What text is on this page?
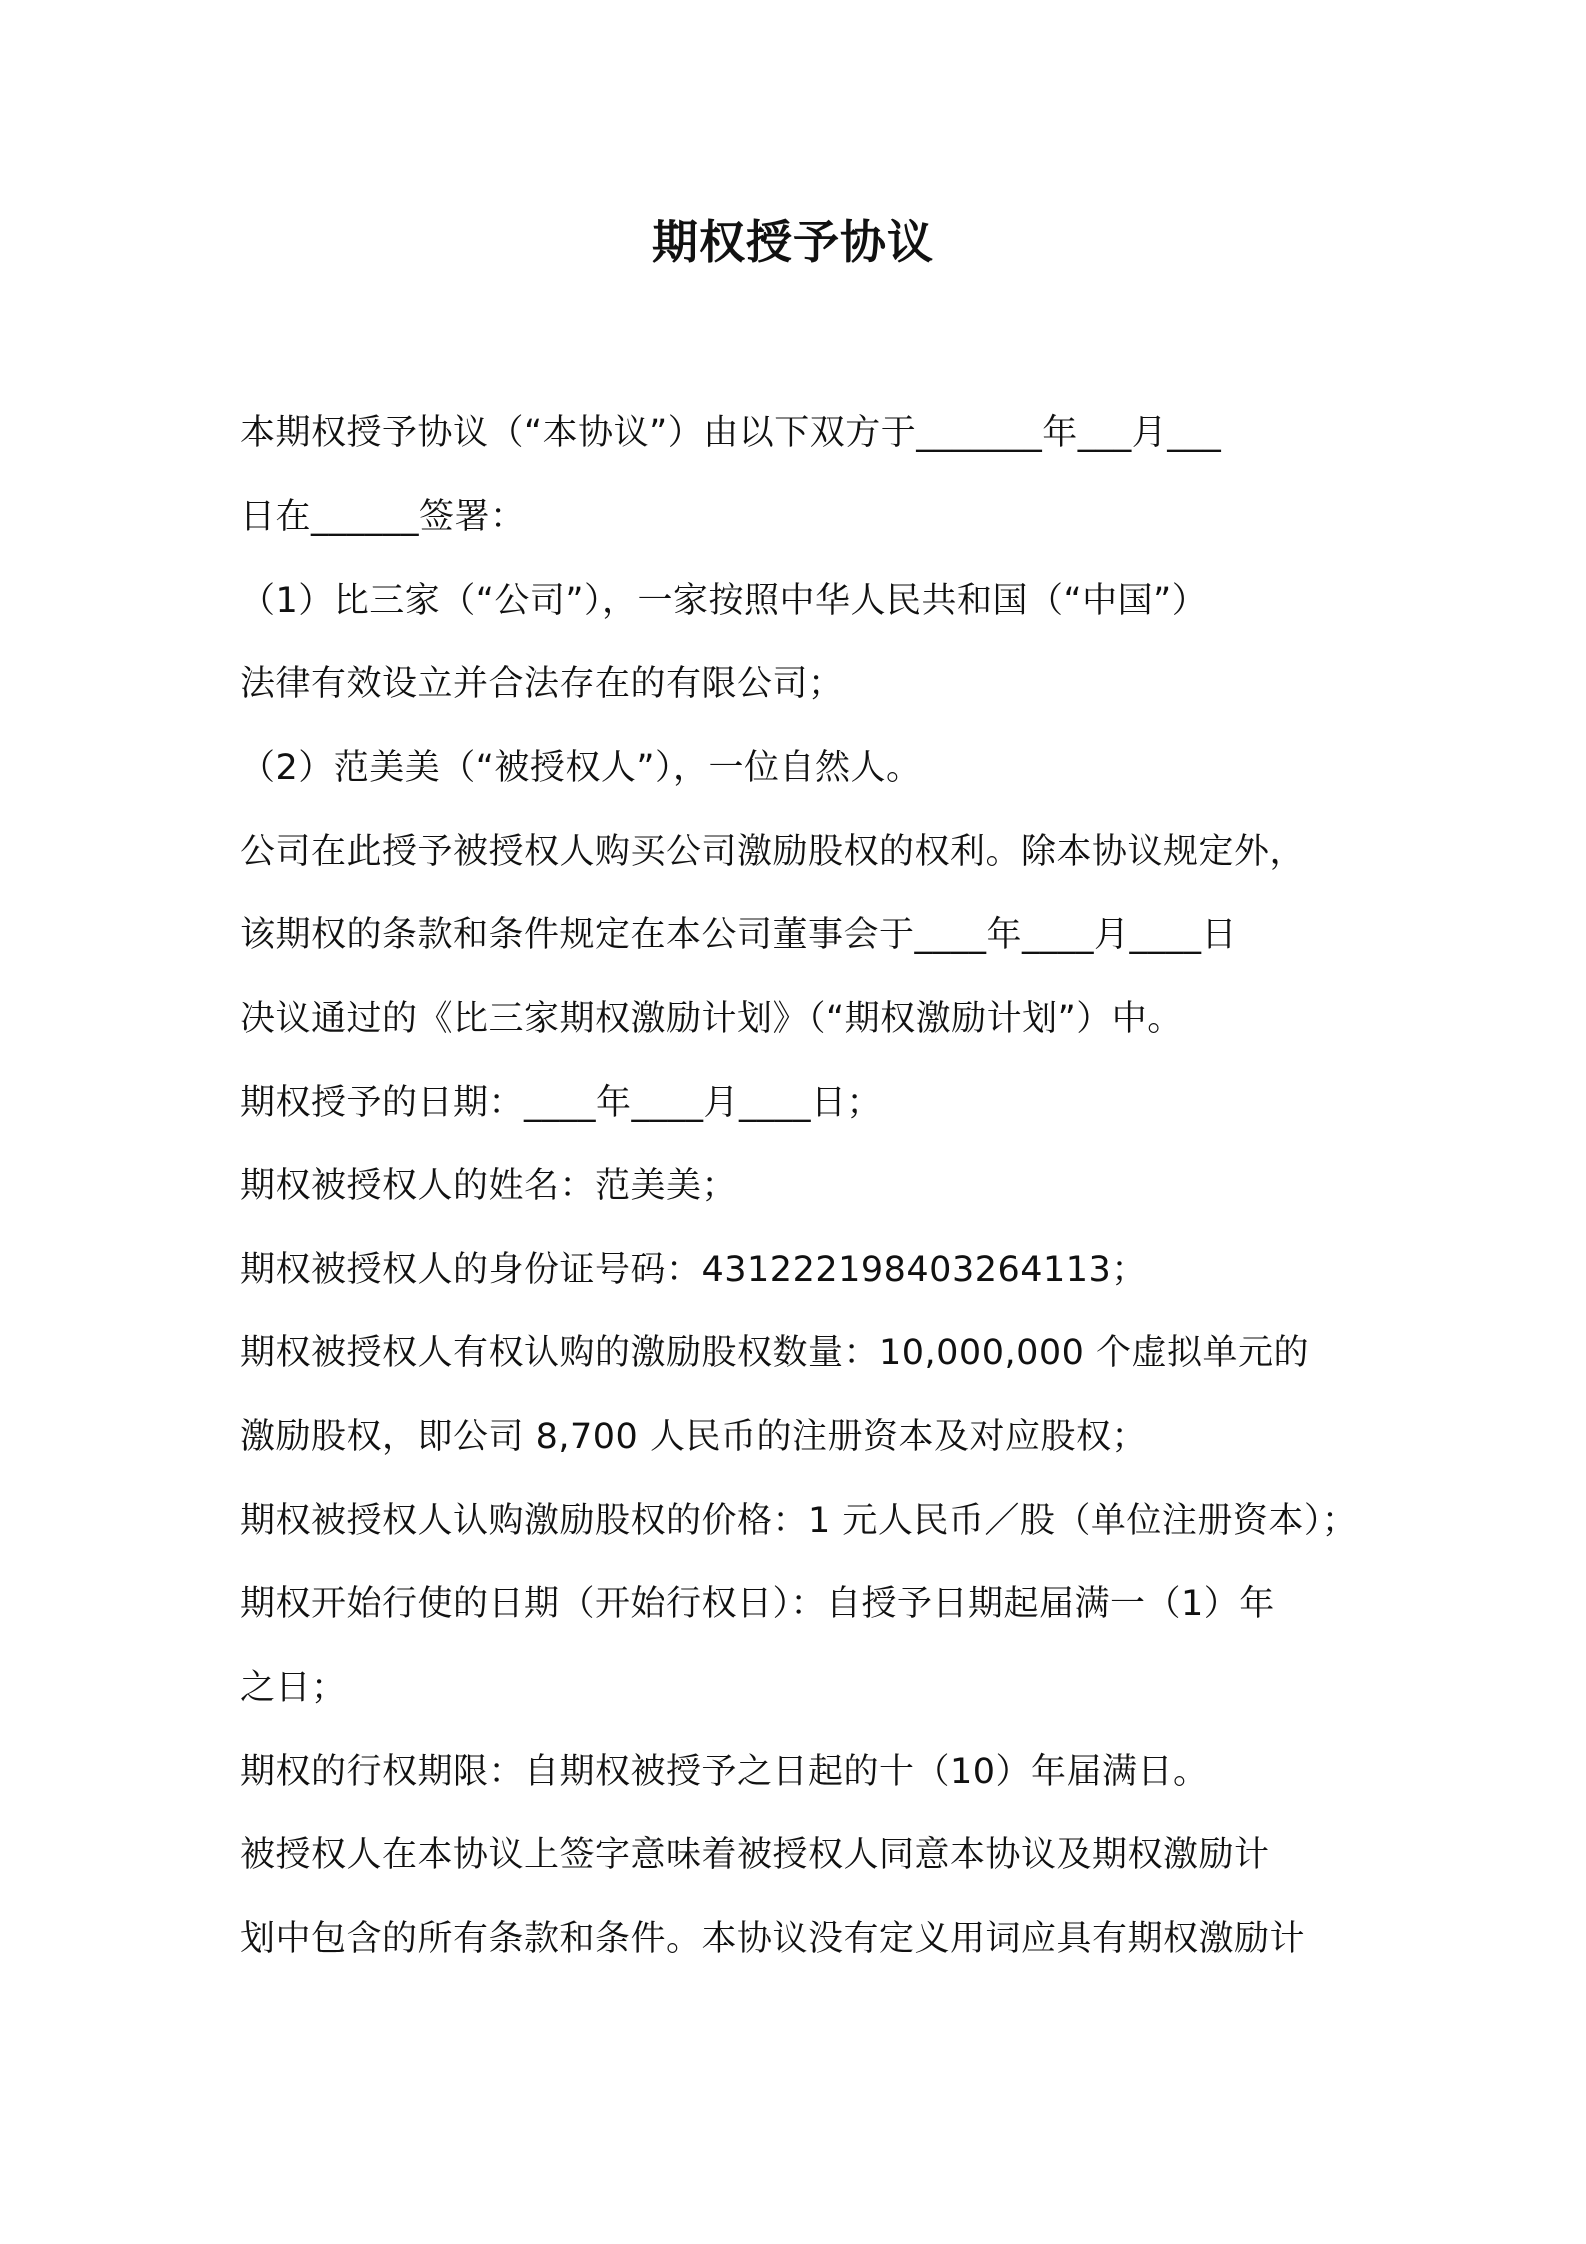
期权授予协议
本期权授予协议（“本协议”）由以下双方于_______年___月___
日在______签署：
（1）比三家（“公司”），一家按照中华人民共和国（“中国”）
法律有效设立并合法存在的有限公司；
（2）范美美（“被授权人”），一位自然人。
公司在此授予被授权人购买公司激励股权的权利。除本协议规定外，
该期权的条款和条件规定在本公司董事会于____年____月____日
决议通过的《比三家期权激励计划》（“期权激励计划”）中。
期权授予的日期：____年____月____日；
期权被授权人的姓名：范美美；
期权被授权人的身份证号码：431222198403264113；
期权被授权人有权认购的激励股权数量：10,000,000 个虚拟单元的
激励股权，即公司 8,700 人民币的注册资本及对应股权；
期权被授权人认购激励股权的价格：1 元人民币／股（单位注册资本）；
期权开始行使的日期（开始行权日）：自授予日期起届满一（1）年
之日；
期权的行权期限：自期权被授予之日起的十（10）年届满日。
被授权人在本协议上签字意味着被授权人同意本协议及期权激励计
划中包含的所有条款和条件。本协议没有定义用词应具有期权激励计
